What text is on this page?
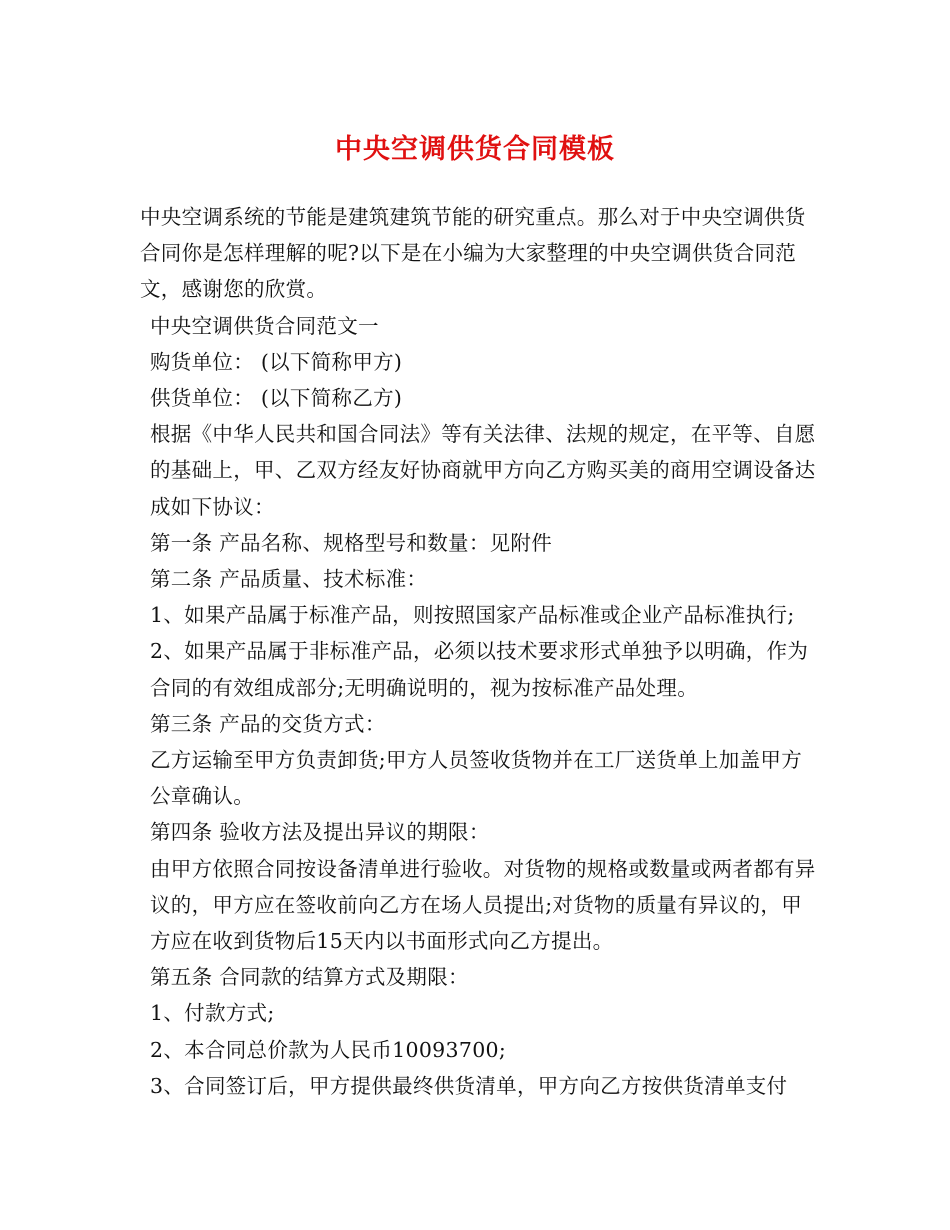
中央空调供货合同模板

中央空调系统的节能是建筑建筑节能的研究重点。那么对于中央空调供货合同你是怎样理解的呢?以下是在小编为大家整理的中央空调供货合同范文，感谢您的欣赏。

中央空调供货合同范文一

购货单位： (以下简称甲方)

供货单位： (以下简称乙方)

根据《中华人民共和国合同法》等有关法律、法规的规定，在平等、自愿的基础上，甲、乙双方经友好协商就甲方向乙方购买美的商用空调设备达成如下协议：

第一条 产品名称、规格型号和数量：见附件

第二条 产品质量、技术标准：

1、如果产品属于标准产品，则按照国家产品标准或企业产品标准执行;

2、如果产品属于非标准产品，必须以技术要求形式单独予以明确，作为合同的有效组成部分;无明确说明的，视为按标准产品处理。

第三条 产品的交货方式：

乙方运输至甲方负责卸货;甲方人员签收货物并在工厂送货单上加盖甲方公章确认。

第四条 验收方法及提出异议的期限：

由甲方依照合同按设备清单进行验收。对货物的规格或数量或两者都有异议的，甲方应在签收前向乙方在场人员提出;对货物的质量有异议的，甲方应在收到货物后15天内以书面形式向乙方提出。

第五条 合同款的结算方式及期限：

1、付款方式;

2、本合同总价款为人民币10093700;

3、合同签订后，甲方提供最终供货清单，甲方向乙方按供货清单支付
